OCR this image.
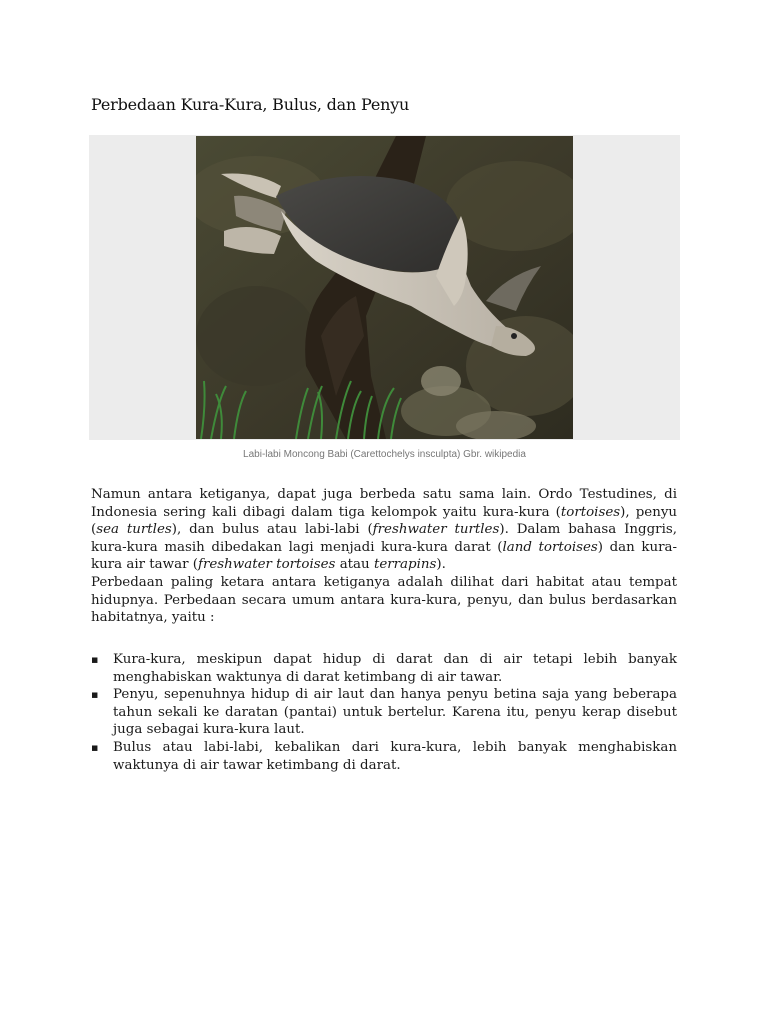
Perbedaan Kura-Kura, Bulus, dan Penyu
Labi-labi Moncong Babi (Carettochelys insculpta) Gbr. wikipedia

Namun antara ketiganya, dapat juga berbeda satu sama lain. Ordo Testudines, di Indonesia sering kali dibagi dalam tiga kelompok yaitu kura-kura (tortoises), penyu (sea turtles), dan bulus atau labi-labi (freshwater turtles). Dalam bahasa Inggris, kura-kura masih dibedakan lagi menjadi kura-kura darat (land tortoises) dan kura-kura air tawar (freshwater tortoises atau terrapins).

Perbedaan paling ketara antara ketiganya adalah dilihat dari habitat atau tempat hidupnya. Perbedaan secara umum antara kura-kura, penyu, dan bulus berdasarkan habitatnya, yaitu :

▪ Kura-kura, meskipun dapat hidup di darat dan di air tetapi lebih banyak menghabiskan waktunya di darat ketimbang di air tawar.
▪ Penyu, sepenuhnya hidup di air laut dan hanya penyu betina saja yang beberapa tahun sekali ke daratan (pantai) untuk bertelur. Karena itu, penyu kerap disebut juga sebagai kura-kura laut.
▪ Bulus atau labi-labi, kebalikan dari kura-kura, lebih banyak menghabiskan waktunya di air tawar ketimbang di darat.
